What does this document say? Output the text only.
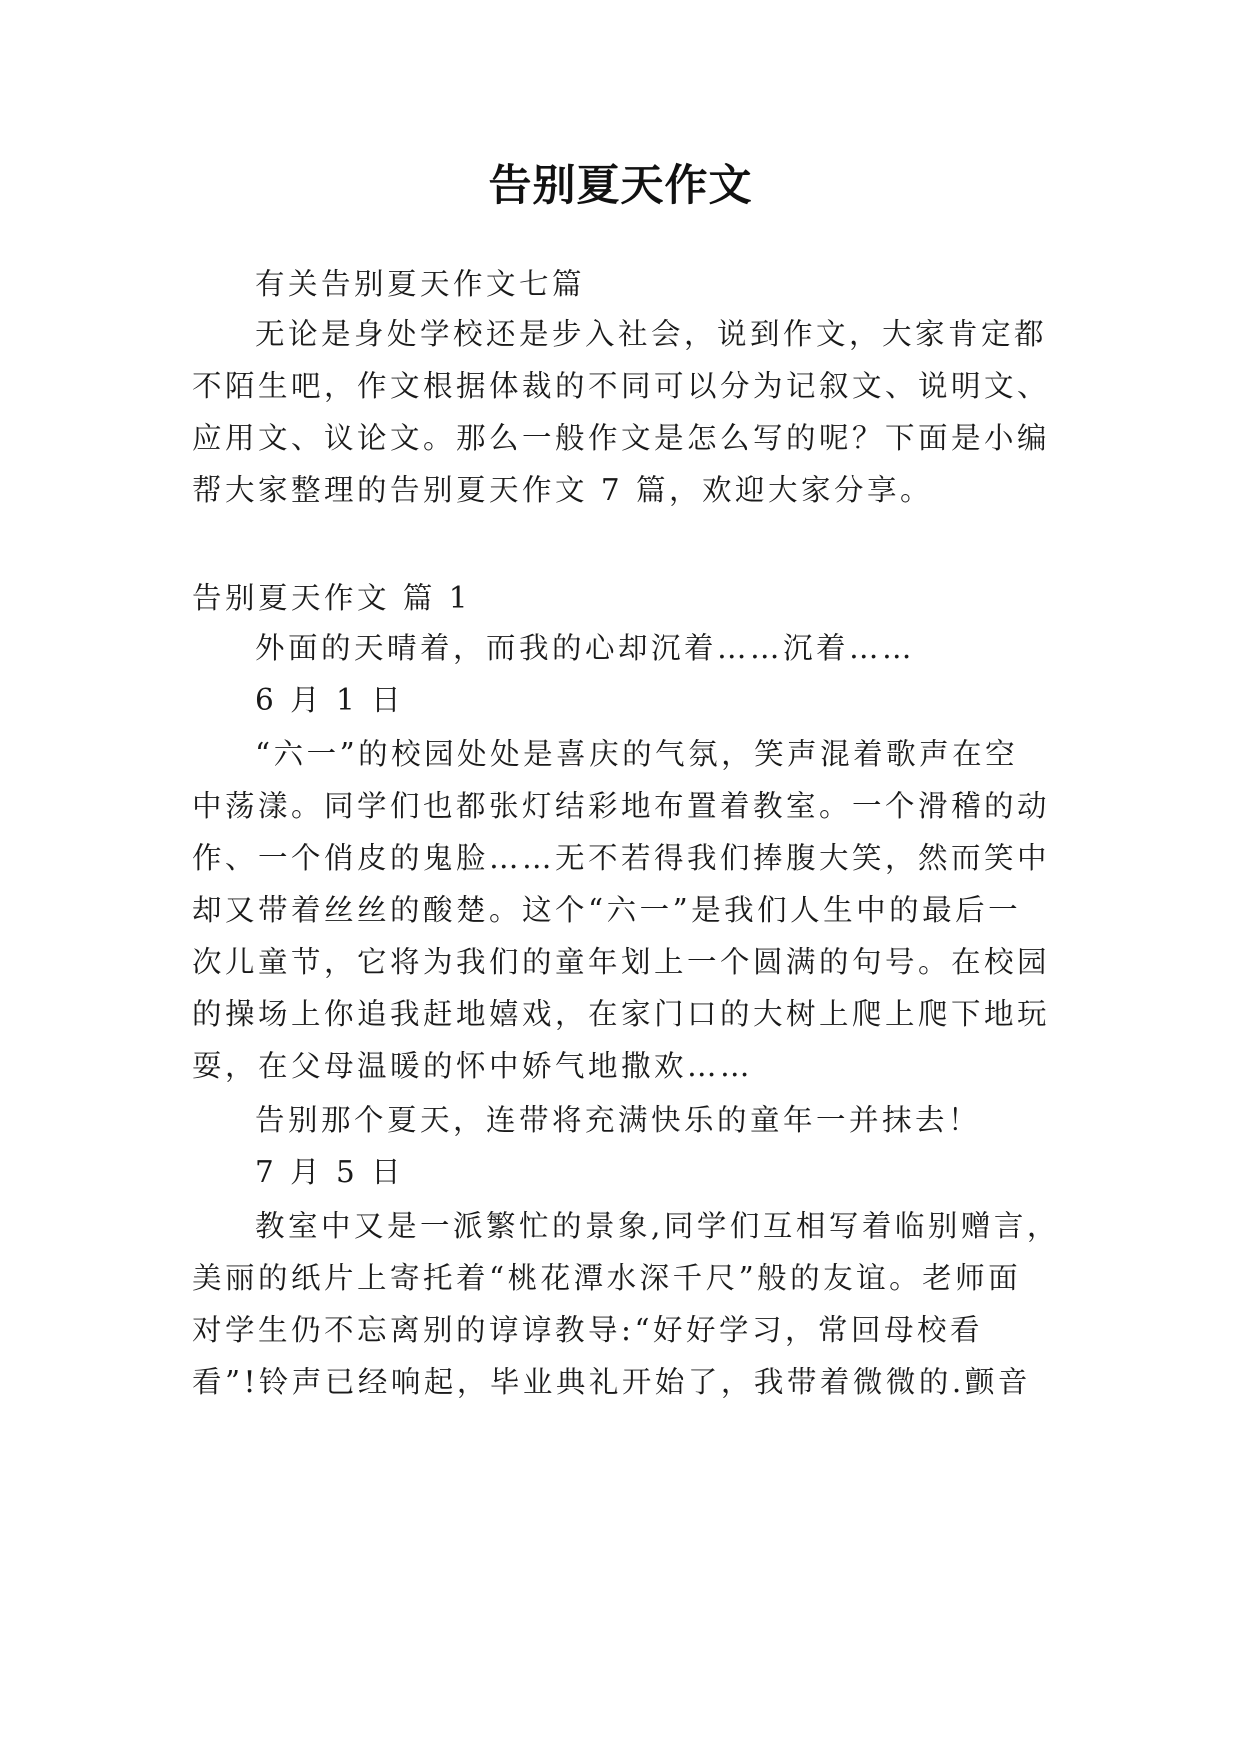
告别夏天作文

有关告别夏天作文七篇

无论是身处学校还是步入社会，说到作文，大家肯定都

不陌生吧，作文根据体裁的不同可以分为记叙文、说明文、

应用文、议论文。那么一般作文是怎么写的呢？下面是小编

帮大家整理的告别夏天作文 7 篇，欢迎大家分享。

告别夏天作文 篇 1

外面的天晴着，而我的心却沉着……沉着……

6 月 1 日

“六一”的校园处处是喜庆的气氛，笑声混着歌声在空

中荡漾。同学们也都张灯结彩地布置着教室。一个滑稽的动

作、一个俏皮的鬼脸……无不若得我们捧腹大笑，然而笑中

却又带着丝丝的酸楚。这个“六一”是我们人生中的最后一

次儿童节，它将为我们的童年划上一个圆满的句号。在校园

的操场上你追我赶地嬉戏，在家门口的大树上爬上爬下地玩

耍，在父母温暖的怀中娇气地撒欢……

告别那个夏天，连带将充满快乐的童年一并抹去！

7 月 5 日

教室中又是一派繁忙的景象,同学们互相写着临别赠言，

美丽的纸片上寄托着“桃花潭水深千尺”般的友谊。老师面

对学生仍不忘离别的谆谆教导:“好好学习，常回母校看

看”!铃声已经响起，毕业典礼开始了，我带着微微的.颤音
